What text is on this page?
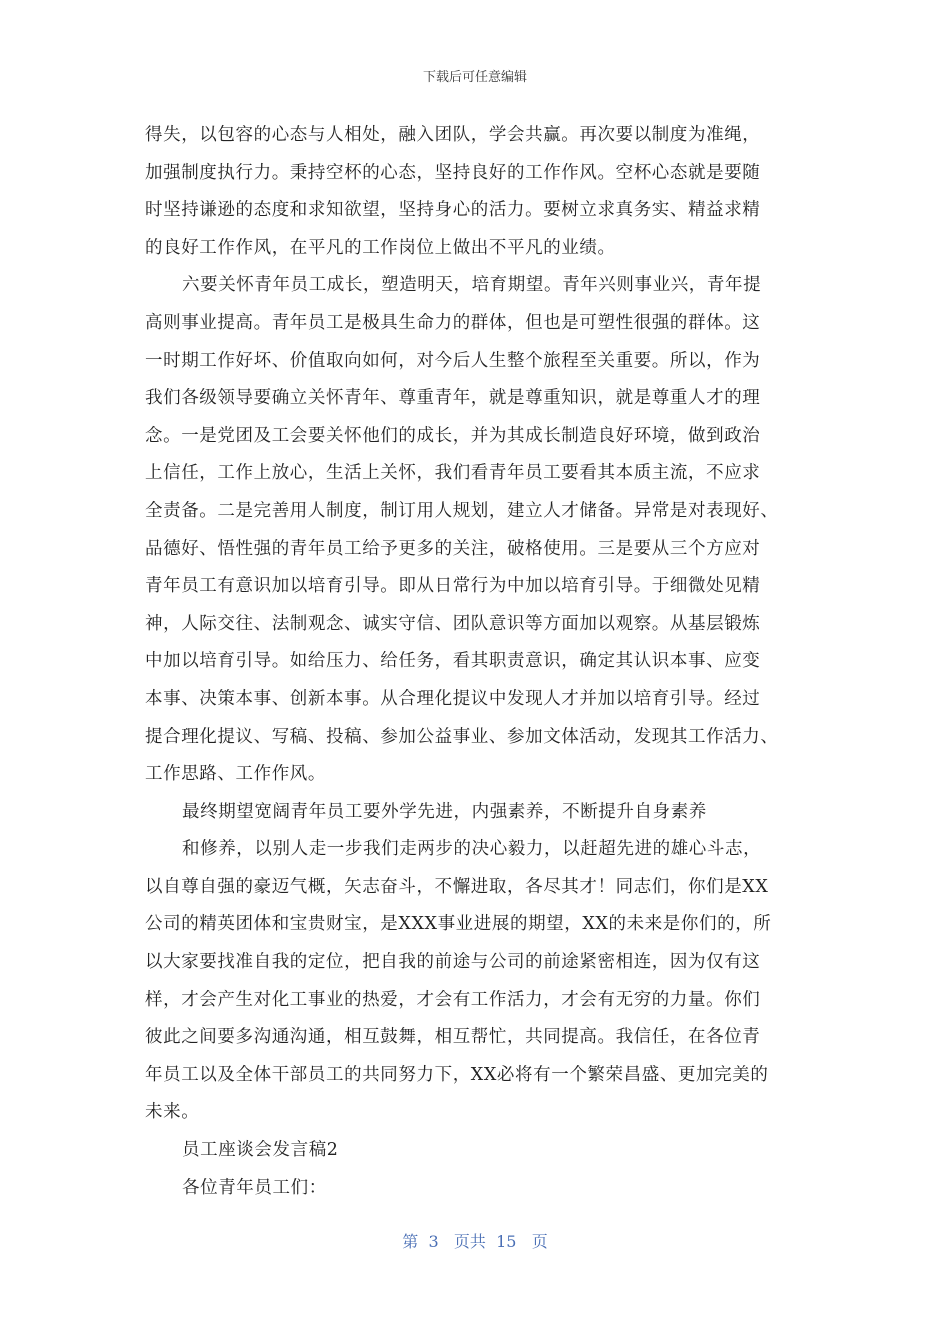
下载后可任意编辑
得失，以包容的心态与人相处，融入团队，学会共赢。再次要以制度为准绳，
加强制度执行力。秉持空杯的心态，坚持良好的工作作风。空杯心态就是要随
时坚持谦逊的态度和求知欲望，坚持身心的活力。要树立求真务实、精益求精
的良好工作作风，在平凡的工作岗位上做出不平凡的业绩。
六要关怀青年员工成长，塑造明天，培育期望。青年兴则事业兴，青年提
高则事业提高。青年员工是极具生命力的群体，但也是可塑性很强的群体。这
一时期工作好坏、价值取向如何，对今后人生整个旅程至关重要。所以，作为
我们各级领导要确立关怀青年、尊重青年，就是尊重知识，就是尊重人才的理
念。一是党团及工会要关怀他们的成长，并为其成长制造良好环境，做到政治
上信任，工作上放心，生活上关怀，我们看青年员工要看其本质主流，不应求
全责备。二是完善用人制度，制订用人规划，建立人才储备。异常是对表现好、
品德好、悟性强的青年员工给予更多的关注，破格使用。三是要从三个方应对
青年员工有意识加以培育引导。即从日常行为中加以培育引导。于细微处见精
神，人际交往、法制观念、诚实守信、团队意识等方面加以观察。从基层锻炼
中加以培育引导。如给压力、给任务，看其职责意识，确定其认识本事、应变
本事、决策本事、创新本事。从合理化提议中发现人才并加以培育引导。经过
提合理化提议、写稿、投稿、参加公益事业、参加文体活动，发现其工作活力、
工作思路、工作作风。
最终期望宽阔青年员工要外学先进，内强素养，不断提升自身素养
和修养，以别人走一步我们走两步的决心毅力，以赶超先进的雄心斗志，
以自尊自强的豪迈气概，矢志奋斗，不懈进取，各尽其才！同志们，你们是XX
公司的精英团体和宝贵财宝，是XXX事业进展的期望，XX的未来是你们的，所
以大家要找准自我的定位，把自我的前途与公司的前途紧密相连，因为仅有这
样，才会产生对化工事业的热爱，才会有工作活力，才会有无穷的力量。你们
彼此之间要多沟通沟通，相互鼓舞，相互帮忙，共同提高。我信任，在各位青
年员工以及全体干部员工的共同努力下，XX必将有一个繁荣昌盛、更加完美的
未来。
员工座谈会发言稿2
各位青年员工们：
第  3   页共  15   页
